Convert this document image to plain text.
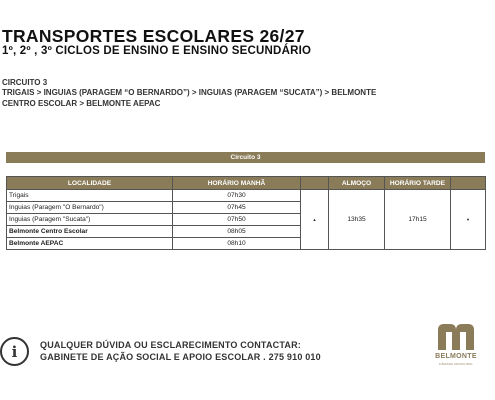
TRANSPORTES ESCOLARES 26/27
1º, 2º , 3º CICLOS DE ENSINO E ENSINO SECUNDÁRIO
CIRCUITO 3
TRIGAIS > INGUIAS (PARAGEM “O BERNARDO”) > INGUIAS (PARAGEM “SUCATA”) > BELMONTE CENTRO ESCOLAR > BELMONTE AEPAC
Circuito 3
LOCALIDADE	HORÁRIO MANHÃ		ALMOÇO	HORÁRIO TARDE	
Trigais	07h30	▲	13h35	17h15	▼
Inguias (Paragem "O Bernardo")	07h45				
Inguias (Paragem "Sucata")	07h50				
Belmonte Centro Escolar	08h05				
Belmonte AEPAC	08h10				
i	QUALQUER DÚVIDA OU ESCLARECIMENTO CONTACTAR:
GABINETE DE AÇÃO SOCIAL E APOIO ESCOLAR . 275 910 010	BELMONTE
CÂMARA MUNICIPAL
